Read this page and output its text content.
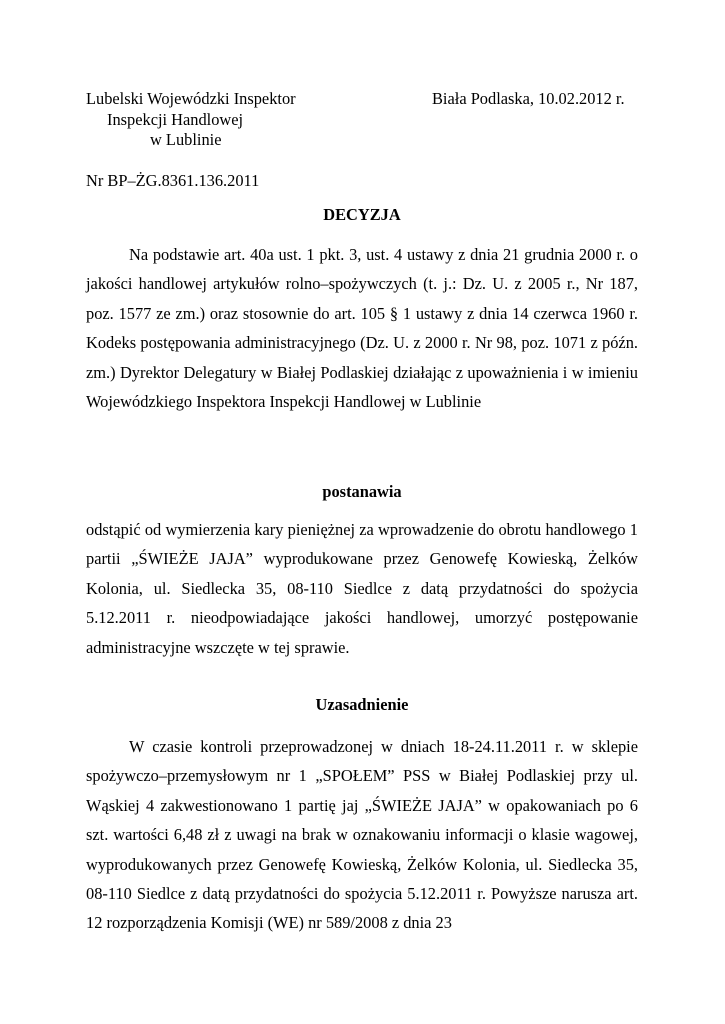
Lubelski Wojewódzki Inspektor
Inspekcji Handlowej
w Lublinie
Biała Podlaska, 10.02.2012 r.
Nr BP–ŻG.8361.136.2011
DECYZJA

Na podstawie art. 40a ust. 1 pkt. 3, ust. 4 ustawy z dnia 21 grudnia 2000 r. o jakości handlowej artykułów rolno–spożywczych (t. j.: Dz. U. z 2005 r., Nr 187, poz. 1577 ze zm.) oraz stosownie do art. 105 § 1 ustawy z dnia 14 czerwca 1960 r. Kodeks postępowania administracyjnego (Dz. U. z 2000 r. Nr 98, poz. 1071 z późn. zm.) Dyrektor Delegatury w Białej Podlaskiej działając z upoważnienia i w imieniu Wojewódzkiego Inspektora Inspekcji Handlowej w Lublinie

postanawia

odstąpić od wymierzenia kary pieniężnej za wprowadzenie do obrotu handlowego 1 partii „ŚWIEŻE JAJA” wyprodukowane przez Genowefę Kowieską, Żelków Kolonia, ul. Siedlecka 35, 08-110 Siedlce z datą przydatności do spożycia 5.12.2011 r. nieodpowiadające jakości handlowej, umorzyć postępowanie administracyjne wszczęte w tej sprawie.

Uzasadnienie

W czasie kontroli przeprowadzonej w dniach 18-24.11.2011 r. w sklepie spożywczo–przemysłowym nr 1 „SPOŁEM” PSS w Białej Podlaskiej przy ul. Wąskiej 4 zakwestionowano 1 partię jaj „ŚWIEŻE JAJA” w opakowaniach po 6 szt. wartości 6,48 zł z uwagi na brak w oznakowaniu informacji o klasie wagowej, wyprodukowanych przez Genowefę Kowieską, Żelków Kolonia, ul. Siedlecka 35, 08-110 Siedlce z datą przydatności do spożycia 5.12.2011 r. Powyższe narusza art. 12 rozporządzenia Komisji (WE) nr 589/2008 z dnia 23
